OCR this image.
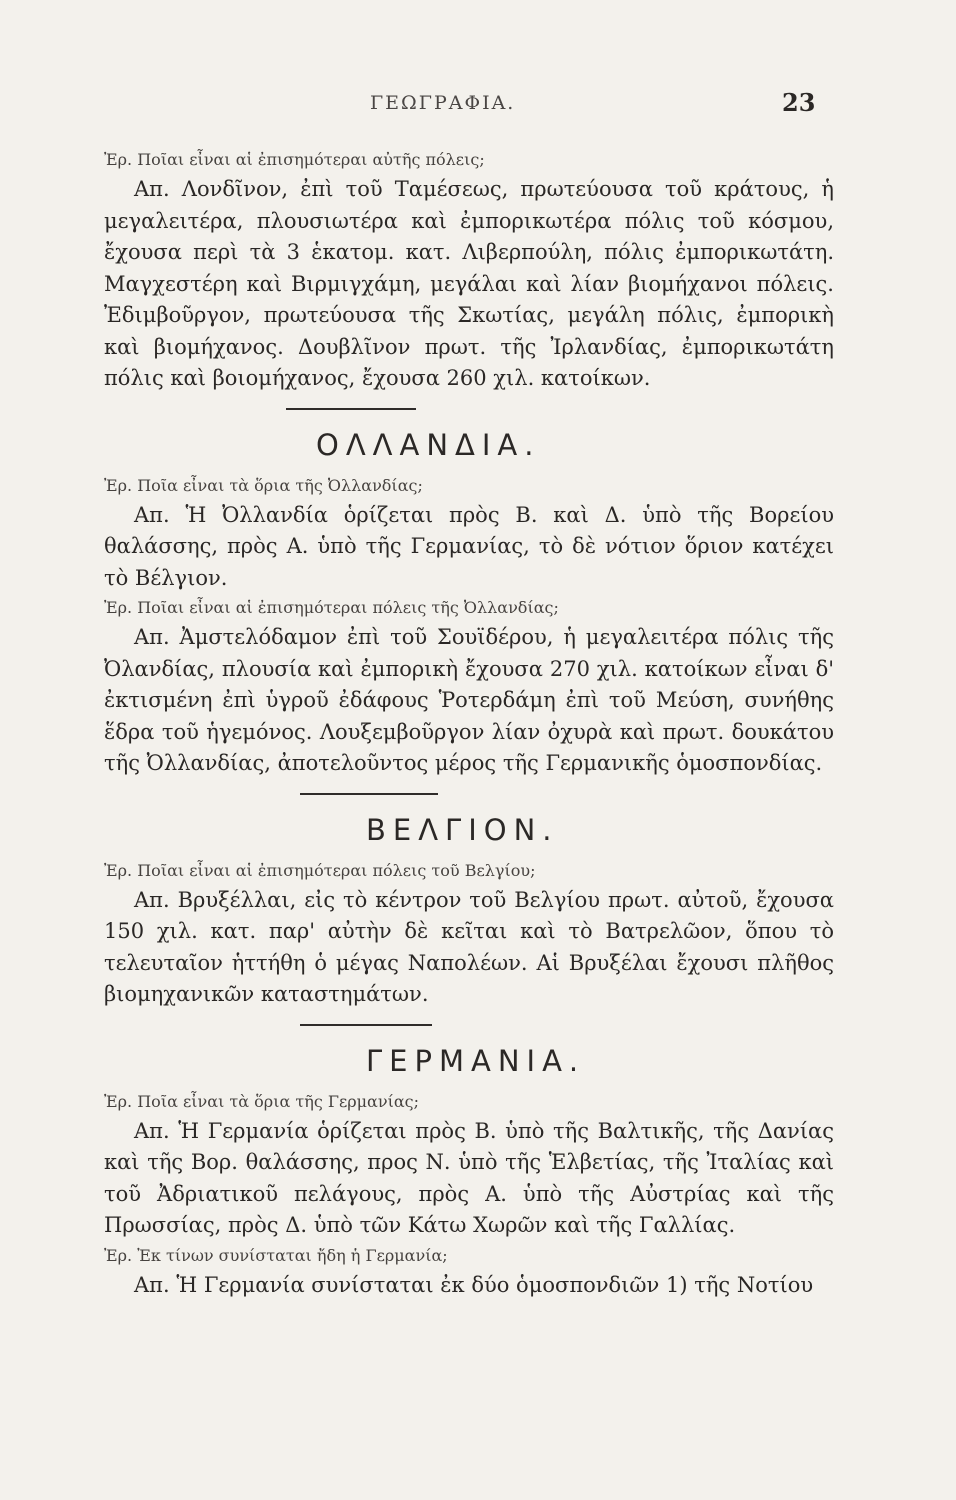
ΓΕΩΓΡΑΦΙΑ.	23

Ἐρ. Ποῖαι εἶναι αἱ ἐπισημότεραι αὐτῆς πόλεις;

Απ. Λονδῖνον, ἐπὶ τοῦ Ταμέσεως, πρωτεύουσα τοῦ κράτους, ἡ μεγαλειτέρα, πλουσιωτέρα καὶ ἐμπορικωτέρα πόλις τοῦ κόσμου, ἔχουσα περὶ τὰ 3 ἑκατομ. κατ. Λιβερπούλη, πόλις ἐμπορικωτάτη. Μαγχεστέρη καὶ Βιρμιγχάμη, μεγάλαι καὶ λίαν βιομήχανοι πόλεις. Ἐδιμβοῦργον, πρωτεύουσα τῆς Σκωτίας, μεγάλη πόλις, ἐμπορικὴ καὶ βιομήχανος. Δουβλῖνον πρωτ. τῆς Ἰρλανδίας, ἐμπορικωτάτη πόλις καὶ βοιομήχανος, ἔχουσα 260 χιλ. κατοίκων.

ΟΛΛΑΝΔΙΑ.

Ἐρ. Ποῖα εἶναι τὰ ὅρια τῆς Ὀλλανδίας;

Απ. Ἡ Ὀλλανδία ὁρίζεται πρὸς Β. καὶ Δ. ὑπὸ τῆς Βορείου θαλάσσης, πρὸς Α. ὑπὸ τῆς Γερμανίας, τὸ δὲ νότιον ὅριον κατέχει τὸ Βέλγιον.

Ἐρ. Ποῖαι εἶναι αἱ ἐπισημότεραι πόλεις τῆς Ὀλλανδίας;

Απ. Ἀμστελόδαμον ἐπὶ τοῦ Σουϊδέρου, ἡ μεγαλειτέρα πόλις τῆς Ὀλανδίας, πλουσία καὶ ἐμπορικὴ ἔχουσα 270 χιλ. κατοίκων εἶναι δ' ἐκτισμένη ἐπὶ ὑγροῦ ἐδάφους Ῥοτερδάμη ἐπὶ τοῦ Μεύση, συνήθης ἕδρα τοῦ ἡγεμόνος. Λουξεμβοῦργον λίαν ὀχυρὰ καὶ πρωτ. δουκάτου τῆς Ὀλλανδίας, ἀποτελοῦντος μέρος τῆς Γερμανικῆς ὁμοσπονδίας.

ΒΕΛΓΙΟΝ.

Ἐρ. Ποῖαι εἶναι αἱ ἐπισημότεραι πόλεις τοῦ Βελγίου;

Απ. Βρυξέλλαι, εἰς τὸ κέντρον τοῦ Βελγίου πρωτ. αὐτοῦ, ἔχουσα 150 χιλ. κατ. παρ' αὐτὴν δὲ κεῖται καὶ τὸ Βατρελῶον, ὅπου τὸ τελευταῖον ἡττήθη ὁ μέγας Ναπολέων. Αἱ Βρυξέλαι ἔχουσι πλῆθος βιομηχανικῶν καταστημάτων.

ΓΕΡΜΑΝΙΑ.

Ἐρ. Ποῖα εἶναι τὰ ὅρια τῆς Γερμανίας;

Απ. Ἡ Γερμανία ὁρίζεται πρὸς Β. ὑπὸ τῆς Βαλτικῆς, τῆς Δανίας καὶ τῆς Βορ. θαλάσσης, προς Ν. ὑπὸ τῆς Ἑλβετίας, τῆς Ἰταλίας καὶ τοῦ Ἀδριατικοῦ πελάγους, πρὸς Α. ὑπὸ τῆς Αὐστρίας καὶ τῆς Πρωσσίας, πρὸς Δ. ὑπὸ τῶν Κάτω Χωρῶν καὶ τῆς Γαλλίας.

Ἐρ. Ἐκ τίνων συνίσταται ἤδη ἡ Γερμανία;

Απ. Ἡ Γερμανία συνίσταται ἐκ δύο ὁμοσπονδιῶν 1) τῆς Νοτίου
